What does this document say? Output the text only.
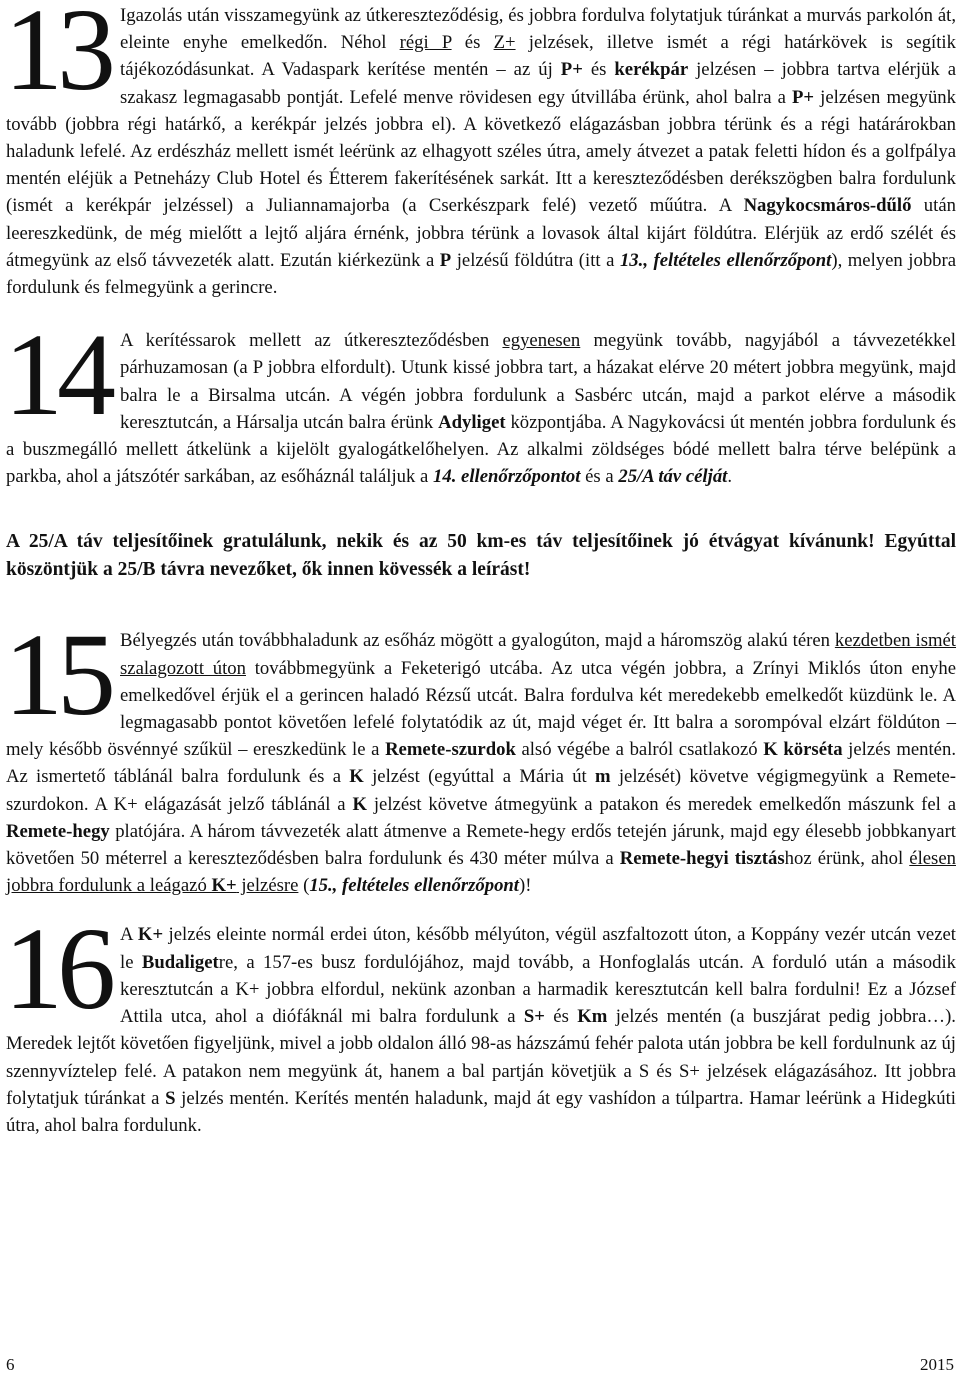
13 Igazolás után visszamegyünk az útkereszteződésig, és jobbra fordulva folytatjuk túránkat a murvás parkolón át, eleinte enyhe emelkedőn. Néhol régi P és Z+ jelzések, illetve ismét a régi határkövek is segítik tájékozódásunkat. A Vadaspark kerítése mentén – az új P+ és kerékpár jelzésen – jobbra tartva elérjük a szakasz legmagasabb pontját. Lefelé menve rövidesen egy útvillába érünk, ahol balra a P+ jelzésen megyünk tovább (jobbra régi határkő, a kerékpár jelzés jobbra el). A következő elágazásban jobbra térünk és a régi határárokban haladunk lefelé. Az erdészház mellett ismét leérünk az elhagyott széles útra, amely átvezet a patak feletti hídon és a golfpálya mentén eléjük a Petneházy Club Hotel és Étterem fakerítésének sarkát. Itt a kereszteződésben derékszögben balra fordulunk (ismét a kerékpár jelzéssel) a Juliannamajorba (a Cserkészpark felé) vezető műútra. A Nagykocsmáros-dűlő után leereszkedünk, de még mielőtt a lejtő aljára érnénk, jobbra térünk a lovasok által kijárt földútra. Elérjük az erdő szélét és átmegyünk az első távvezeték alatt. Ezután kiérkezünk a P jelzésű földútra (itt a 13., feltételes ellenőrzőpont), melyen jobbra fordulunk és felmegyünk a gerincre.
14 A kerítéssarok mellett az útkereszteződésben egyenesen megyünk tovább, nagyjából a távvezetékkel párhuzamosan (a P jobbra elfordult). Utunk kissé jobbra tart, a házakat elérve 20 métert jobbra megyünk, majd balra le a Birsalma utcán. A végén jobbra fordulunk a Sasbérc utcán, majd a parkot elérve a második keresztutcán, a Hársalja utcán balra érünk Adyliget központjába. A Nagykovácsi út mentén jobbra fordulunk és a buszmegálló mellett átkelünk a kijelölt gyalogátkelőhelyen. Az alkalmi zöldséges bódé mellett balra térve belépünk a parkba, ahol a játszótér sarkában, az esőháznál találjuk a 14. ellenőrzőpontot és a 25/A táv célját.
A 25/A táv teljesítőinek gratulálunk, nekik és az 50 km-es táv teljesítőinek jó étvágyat kívánunk! Egyúttal köszöntjük a 25/B távra nevezőket, ők innen kövessék a leírást!
15 Bélyegzés után továbbhaladunk az esőház mögött a gyalogúton, majd a háromszög alakú téren kezdetben ismét szalagozott úton továbbmegyünk a Feketerigó utcába. Az utca végén jobbra, a Zrínyi Miklós úton enyhe emelkedővel érjük el a gerincen haladó Rézsű utcát. Balra fordulva két meredekebb emelkedőt küzdünk le. A legmagasabb pontot követően lefelé folytatódik az út, majd véget ér. Itt balra a sorompóval elzárt földúton – mely később ösvénnyé szűkül – ereszkedünk le a Remete-szurdok alsó végébe a balról csatlakozó K körséta jelzés mentén. Az ismertető táblánál balra fordulunk és a K jelzést (egyúttal a Mária út m jelzését) követve végigmegyünk a Remete-szurdokon. A K+ elágazását jelző táblánál a K jelzést követve átmegyünk a patakon és meredek emelkedőn mászunk fel a Remete-hegy platójára. A három távvezeték alatt átmenve a Remete-hegy erdős tetején járunk, majd egy élesebb jobbkanyart követően 50 méterrel a kereszteződésben balra fordulunk és 430 méter múlva a Remete-hegyi tisztáshoz érünk, ahol élesen jobbra fordulunk a leágazó K+ jelzésre (15., feltételes ellenőrzőpont)!
16 A K+ jelzés eleinte normál erdei úton, később mélyúton, végül aszfaltozott úton, a Koppány vezér utcán vezet le Budaligetre, a 157-es busz fordulójához, majd tovább, a Honfoglalás utcán. A forduló után a második keresztutcán a K+ jobbra elfordul, nekünk azonban a harmadik keresztutcán kell balra fordulni! Ez a József Attila utca, ahol a diófáknál mi balra fordulunk a S+ és Km jelzés mentén (a buszjárat pedig jobbra…). Meredek lejtőt követően figyeljünk, mivel a jobb oldalon álló 98-as házszámú fehér palota után jobbra be kell fordulnunk az új szennyvíztelep felé. A patakon nem megyünk át, hanem a bal partján követjük a S és S+ jelzések elágazásához. Itt jobbra folytatjuk túránkat a S jelzés mentén. Kerítés mentén haladunk, majd át egy vashídon a túlpartra. Hamar leérünk a Hidegkúti útra, ahol balra fordulunk.
6	2015
